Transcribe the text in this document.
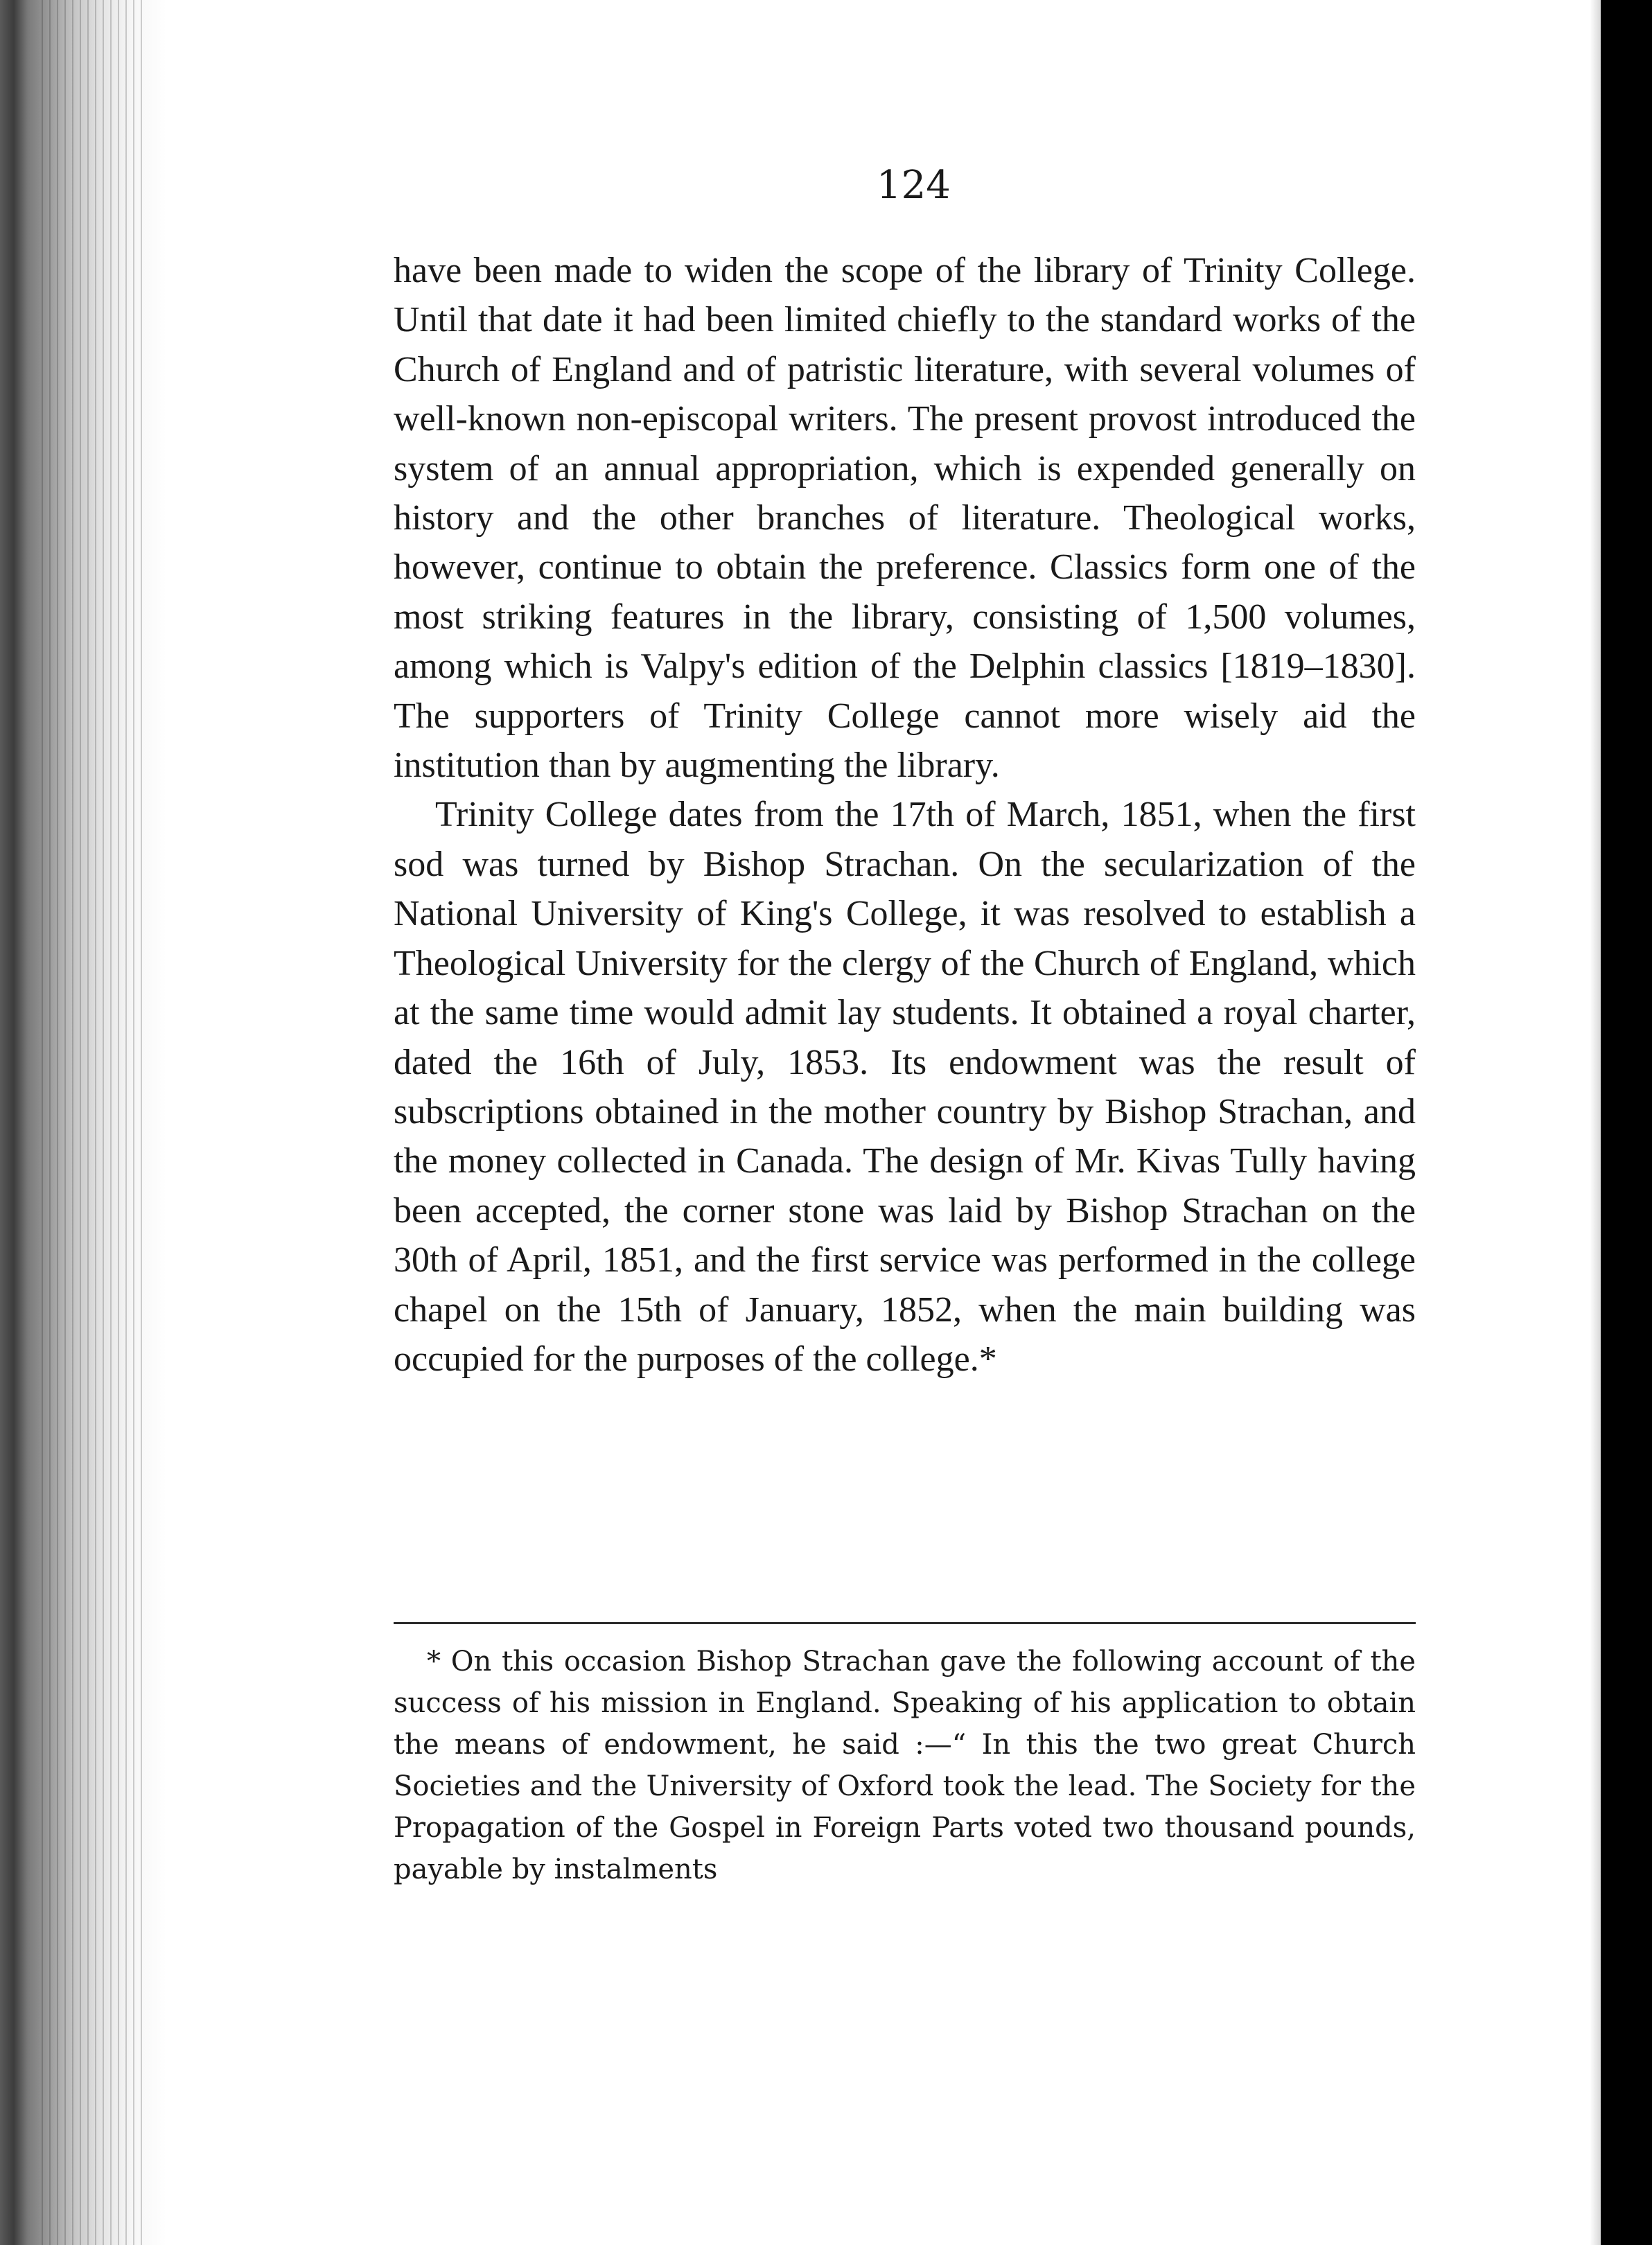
124

have been made to widen the scope of the library of Trinity College. Until that date it had been limited chiefly to the standard works of the Church of England and of patristic literature, with several volumes of well-known non-episcopal writers. The present provost introduced the system of an annual appropriation, which is expended generally on history and the other branches of literature. Theological works, however, continue to obtain the preference. Classics form one of the most striking features in the library, consisting of 1,500 volumes, among which is Valpy's edition of the Delphin classics [1819–1830]. The supporters of Trinity College cannot more wisely aid the institution than by augmenting the library.

Trinity College dates from the 17th of March, 1851, when the first sod was turned by Bishop Strachan. On the secularization of the National University of King's College, it was resolved to establish a Theological University for the clergy of the Church of England, which at the same time would admit lay students. It obtained a royal charter, dated the 16th of July, 1853. Its endowment was the result of subscriptions obtained in the mother country by Bishop Strachan, and the money collected in Canada. The design of Mr. Kivas Tully having been accepted, the corner stone was laid by Bishop Strachan on the 30th of April, 1851, and the first service was performed in the college chapel on the 15th of January, 1852, when the main building was occupied for the purposes of the college.*

* On this occasion Bishop Strachan gave the following account of the success of his mission in England. Speaking of his application to obtain the means of endowment, he said :—“ In this the two great Church Societies and the University of Oxford took the lead. The Society for the Propagation of the Gospel in Foreign Parts voted two thousand pounds, payable by instalments
